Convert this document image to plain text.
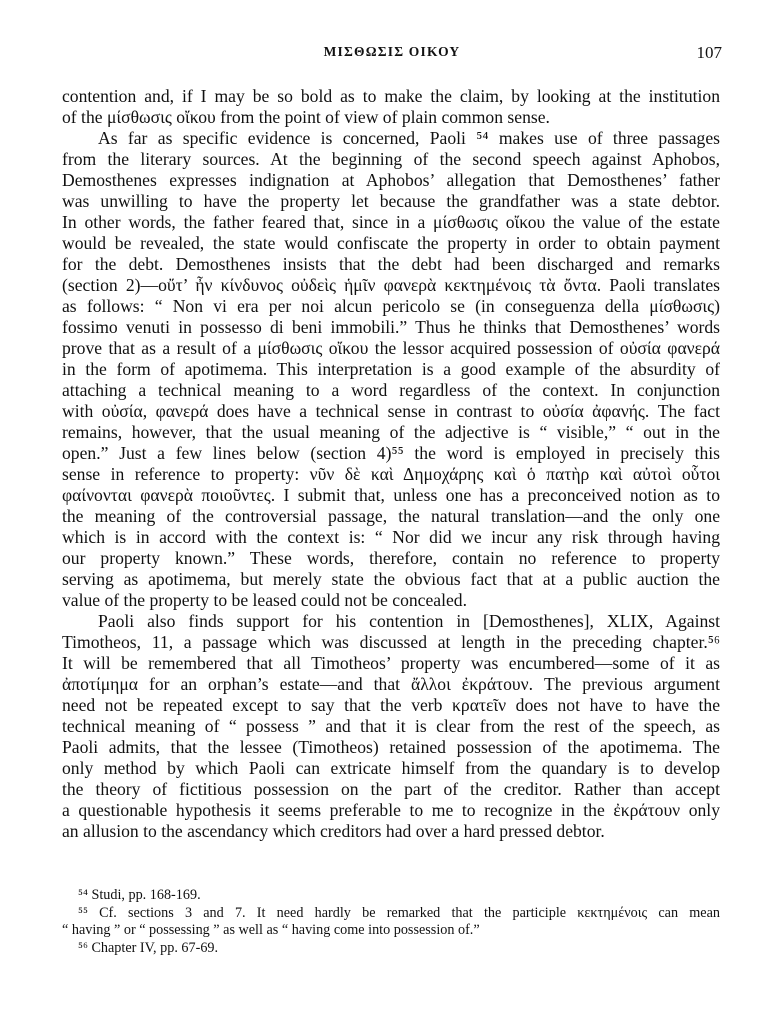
ΜΙΣΘΩΣΙΣ ΟΙΚΟΥ	107

contention and, if I may be so bold as to make the claim, by looking at the institution

of the μίσθωσις οἴκου from the point of view of plain common sense.

As far as specific evidence is concerned, Paoli ⁵⁴ makes use of three passages

from the literary sources. At the beginning of the second speech against Aphobos,

Demosthenes expresses indignation at Aphobos’ allegation that Demosthenes’ father

was unwilling to have the property let because the grandfather was a state debtor.

In other words, the father feared that, since in a μίσθωσις οἴκου the value of the estate

would be revealed, the state would confiscate the property in order to obtain payment

for the debt. Demosthenes insists that the debt had been discharged and remarks

(section 2)—οὔτ’ ἦν κίνδυνος οὐδεὶς ἡμῖν φανερὰ κεκτημένοις τὰ ὄντα. Paoli translates

as follows: “ Non vi era per noi alcun pericolo se (in conseguenza della μίσθωσις)

fossimo venuti in possesso di beni immobili.” Thus he thinks that Demosthenes’ words

prove that as a result of a μίσθωσις οἴκου the lessor acquired possession of οὐσία φανερά

in the form of apotimema. This interpretation is a good example of the absurdity of

attaching a technical meaning to a word regardless of the context. In conjunction

with οὐσία, φανερά does have a technical sense in contrast to οὐσία ἀφανής. The fact

remains, however, that the usual meaning of the adjective is “ visible,” “ out in the

open.” Just a few lines below (section 4)⁵⁵ the word is employed in precisely this

sense in reference to property: νῦν δὲ καὶ Δημοχάρης καὶ ὁ πατὴρ καὶ αὐτοὶ οὗτοι

φαίνονται φανερὰ ποιοῦντες. I submit that, unless one has a preconceived notion as to

the meaning of the controversial passage, the natural translation—and the only one

which is in accord with the context is: “ Nor did we incur any risk through having

our property known.” These words, therefore, contain no reference to property

serving as apotimema, but merely state the obvious fact that at a public auction the

value of the property to be leased could not be concealed.

Paoli also finds support for his contention in [Demosthenes], XLIX, Against

Timotheos, 11, a passage which was discussed at length in the preceding chapter.⁵⁶

It will be remembered that all Timotheos’ property was encumbered—some of it as

ἀποτίμημα for an orphan’s estate—and that ἄλλοι ἐκράτουν. The previous argument

need not be repeated except to say that the verb κρατεῖν does not have to have the

technical meaning of “ possess ” and that it is clear from the rest of the speech, as

Paoli admits, that the lessee (Timotheos) retained possession of the apotimema. The

only method by which Paoli can extricate himself from the quandary is to develop

the theory of fictitious possession on the part of the creditor. Rather than accept

a questionable hypothesis it seems preferable to me to recognize in the ἐκράτουν only

an allusion to the ascendancy which creditors had over a hard pressed debtor.

⁵⁴ Studi, pp. 168-169.

⁵⁵ Cf. sections 3 and 7. It need hardly be remarked that the participle κεκτημένοις can mean

“ having ” or “ possessing ” as well as “ having come into possession of.”

⁵⁶ Chapter IV, pp. 67-69.
